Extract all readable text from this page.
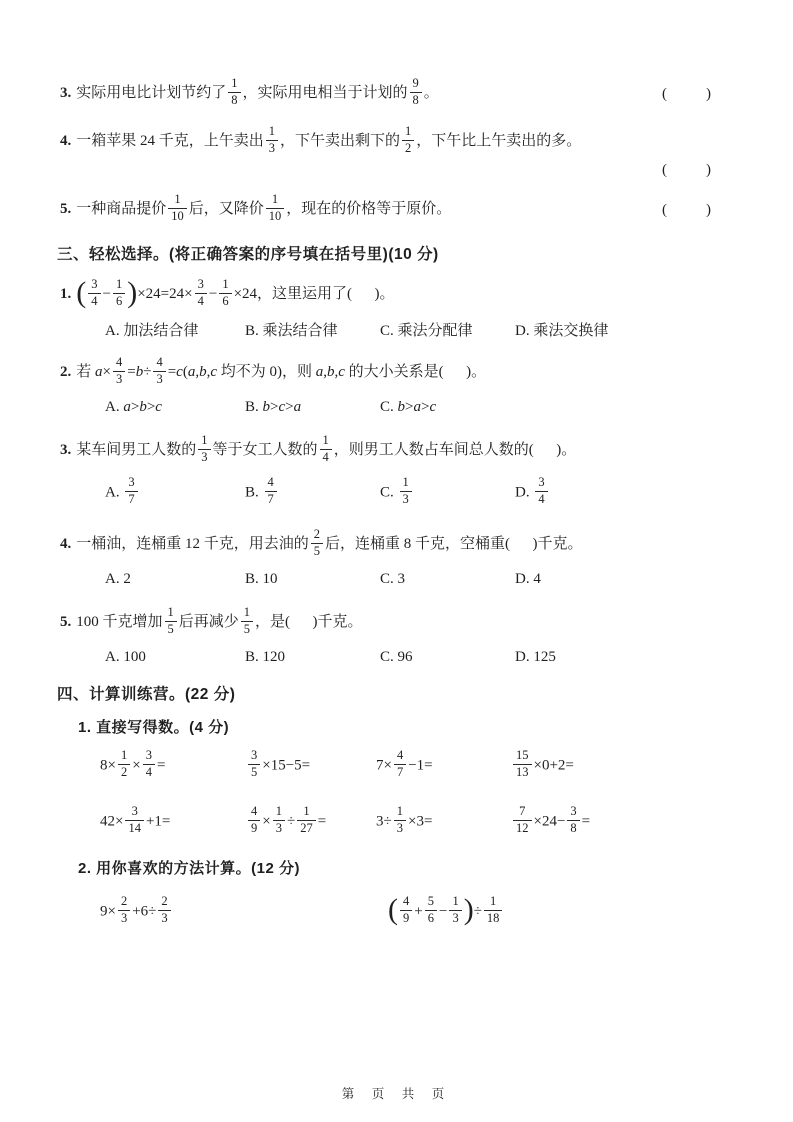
3. 实际用电比计划节约了 $\frac{1}{8}$ ，实际用电相当于计划的 $\frac{9}{8}$ 。	(        )
4. 一箱苹果 24 千克，上午卖出 $\frac{1}{3}$ ，下午卖出剩下的 $\frac{1}{2}$ ，下午比上午卖出的多。
(        )
5. 一种商品提价 $\frac{1}{10}$ 后，又降价 $\frac{1}{10}$ ，现在的价格等于原价。	(        )
三、轻松选择。(将正确答案的序号填在括号里)(10 分)
1. ( $\frac{3}{4} - \frac{1}{6} )\times 24=24\times \frac{3}{4} - \frac{1}{6} \times 24$，这里运用了(      )。
A. 加法结合律	B. 乘法结合律	C. 乘法分配律	D. 乘法交换律
2. 若 $a\times \frac{4}{3} =b\div \frac{4}{3} =c(a,b,c$ 均不为 0)，则 a,b,c 的大小关系是(      )。
A. a>b>c	B. b>c>a	C. b>a>c
3. 某车间男工人数的 $\frac{1}{3}$ 等于女工人数的 $\frac{1}{4}$ ，则男工人数占车间总人数的(      )。
A. $\frac{3}{7}$	B. $\frac{4}{7}$	C. $\frac{1}{3}$	D. $\frac{3}{4}$
4. 一桶油，连桶重 12 千克，用去油的 $\frac{2}{5}$ 后，连桶重 8 千克，空桶重(      )千克。
A. 2	B. 10	C. 3	D. 4
5. 100 千克增加 $\frac{1}{5}$ 后再减少 $\frac{1}{5}$ ，是(      )千克。
A. 100	B. 120	C. 96	D. 125
四、计算训练营。(22 分)
1. 直接写得数。(4 分)
$8\times \frac{1}{2} \times \frac{3}{4}$ =	$\frac{3}{5} \times 15-5=$	$7\times \frac{4}{7} -1=$	$\frac{15}{13} \times 0+2=$
$42\times \frac{3}{14} +1=$	$\frac{4}{9} \times \frac{1}{3} \div \frac{1}{27}$ =	$3\div \frac{1}{3} \times 3=$	$\frac{7}{12} \times 24- \frac{3}{8}$ =
2. 用你喜欢的方法计算。(12 分)
$9\times \frac{2}{3} +6\div \frac{2}{3}$	( $\frac{4}{9} + \frac{5}{6} - \frac{1}{3}$ )÷ $\frac{1}{18}$
第 页 共 页
